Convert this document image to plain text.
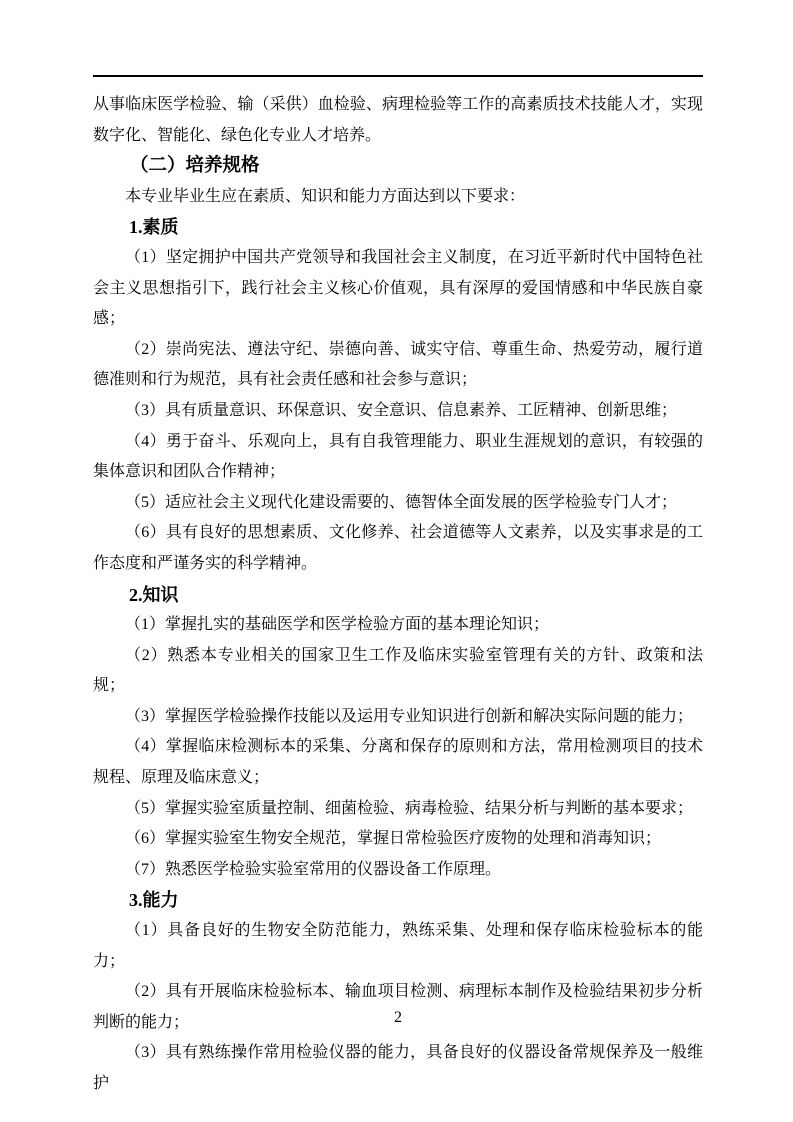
从事临床医学检验、输（采供）血检验、病理检验等工作的高素质技术技能人才，实现数字化、智能化、绿色化专业人才培养。

（二）培养规格

本专业毕业生应在素质、知识和能力方面达到以下要求：

1.素质

（1）坚定拥护中国共产党领导和我国社会主义制度，在习近平新时代中国特色社会主义思想指引下，践行社会主义核心价值观，具有深厚的爱国情感和中华民族自豪感；

（2）崇尚宪法、遵法守纪、崇德向善、诚实守信、尊重生命、热爱劳动，履行道德准则和行为规范，具有社会责任感和社会参与意识；

（3）具有质量意识、环保意识、安全意识、信息素养、工匠精神、创新思维；

（4）勇于奋斗、乐观向上，具有自我管理能力、职业生涯规划的意识，有较强的集体意识和团队合作精神；

（5）适应社会主义现代化建设需要的、德智体全面发展的医学检验专门人才；

（6）具有良好的思想素质、文化修养、社会道德等人文素养，以及实事求是的工作态度和严谨务实的科学精神。

2.知识

（1）掌握扎实的基础医学和医学检验方面的基本理论知识；

（2）熟悉本专业相关的国家卫生工作及临床实验室管理有关的方针、政策和法规；

（3）掌握医学检验操作技能以及运用专业知识进行创新和解决实际问题的能力；

（4）掌握临床检测标本的采集、分离和保存的原则和方法，常用检测项目的技术规程、原理及临床意义；

（5）掌握实验室质量控制、细菌检验、病毒检验、结果分析与判断的基本要求；

（6）掌握实验室生物安全规范，掌握日常检验医疗废物的处理和消毒知识；

（7）熟悉医学检验实验室常用的仪器设备工作原理。

3.能力

（1）具备良好的生物安全防范能力，熟练采集、处理和保存临床检验标本的能力；

（2）具有开展临床检验标本、输血项目检测、病理标本制作及检验结果初步分析判断的能力；

（3）具有熟练操作常用检验仪器的能力，具备良好的仪器设备常规保养及一般维护

2
